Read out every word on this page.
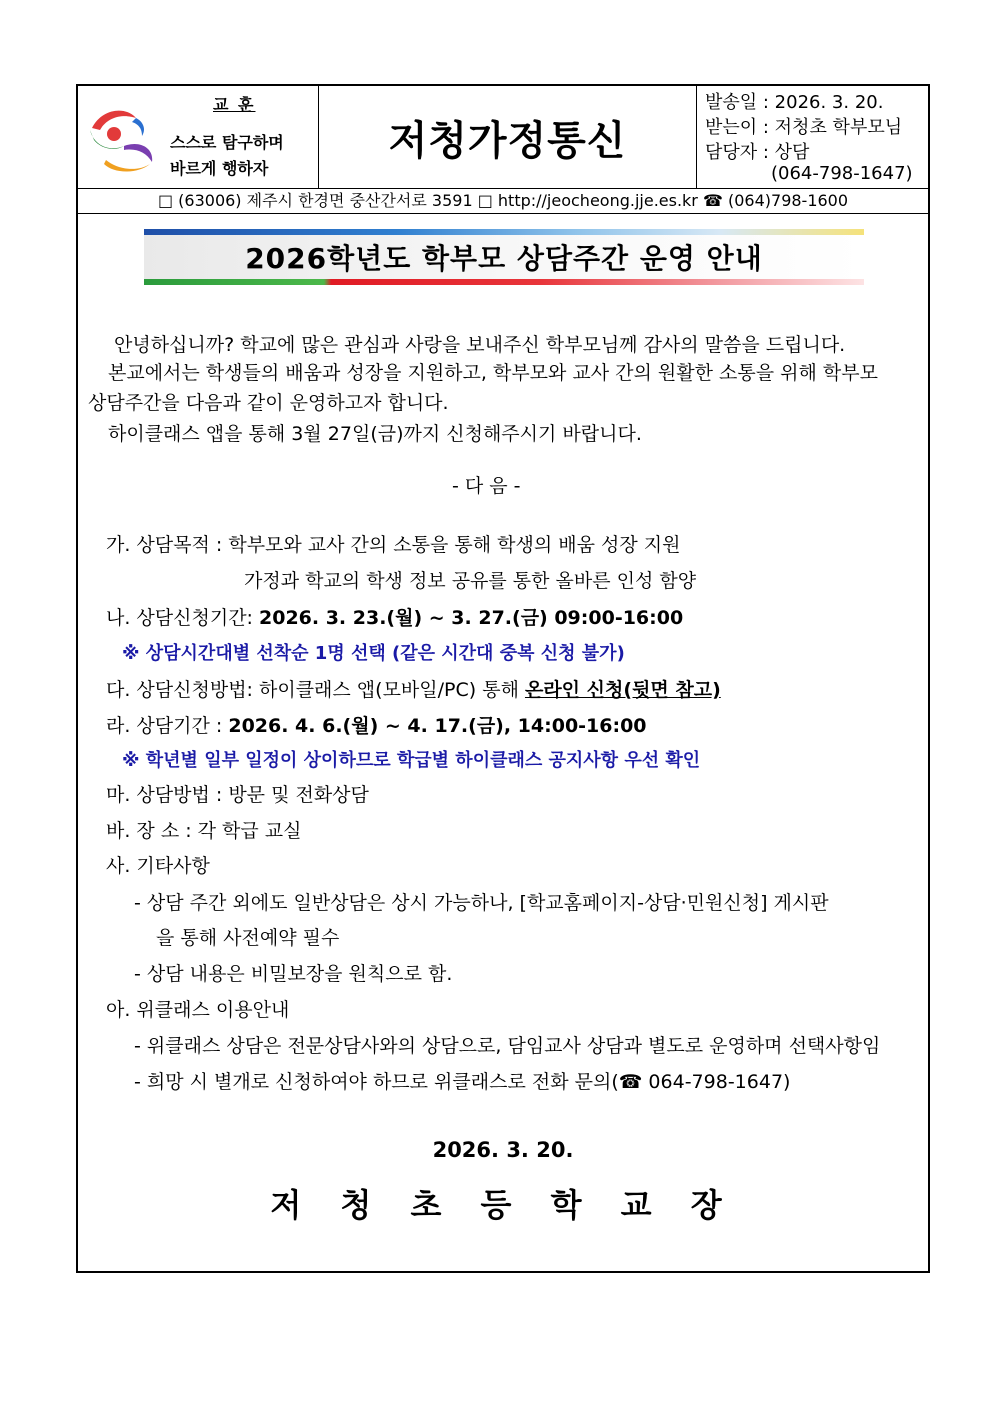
교 훈
스스로 탐구하며
바르게 행하자
저청가정통신
발송일 : 2026. 3. 20.
받는이 : 저청초 학부모님
담당자 : 상담
(064-798-1647)
□ (63006) 제주시 한경면 중산간서로 3591 □ http://jeocheong.jje.es.kr ☎ (064)798-1600
2026학년도 학부모 상담주간 운영 안내
안녕하십니까? 학교에 많은 관심과 사랑을 보내주신 학부모님께 감사의 말씀을 드립니다.
본교에서는 학생들의 배움과 성장을 지원하고, 학부모와 교사 간의 원활한 소통을 위해 학부모
상담주간을 다음과 같이 운영하고자 합니다.
하이클래스 앱을 통해 3월 27일(금)까지 신청해주시기 바랍니다.
- 다 음 -
가. 상담목적 : 학부모와 교사 간의 소통을 통해 학생의 배움 성장 지원
가정과 학교의 학생 정보 공유를 통한 올바른 인성 함양
나. 상담신청기간: 2026. 3. 23.(월) ~ 3. 27.(금) 09:00-16:00
※ 상담시간대별 선착순 1명 선택 (같은 시간대 중복 신청 불가)
다. 상담신청방법: 하이클래스 앱(모바일/PC) 통해 온라인 신청(뒷면 참고)
라. 상담기간 : 2026. 4. 6.(월) ~ 4. 17.(금), 14:00-16:00
※ 학년별 일부 일정이 상이하므로 학급별 하이클래스 공지사항 우선 확인
마. 상담방법 : 방문 및 전화상담
바. 장 소 : 각 학급 교실
사. 기타사항
- 상담 주간 외에도 일반상담은 상시 가능하나, [학교홈페이지-상담·민원신청] 게시판
을 통해 사전예약 필수
- 상담 내용은 비밀보장을 원칙으로 함.
아. 위클래스 이용안내
- 위클래스 상담은 전문상담사와의 상담으로, 담임교사 상담과 별도로 운영하며 선택사항임
- 희망 시 별개로 신청하여야 하므로 위클래스로 전화 문의(☎ 064-798-1647)
2026. 3. 20.
저 청 초 등 학 교 장
